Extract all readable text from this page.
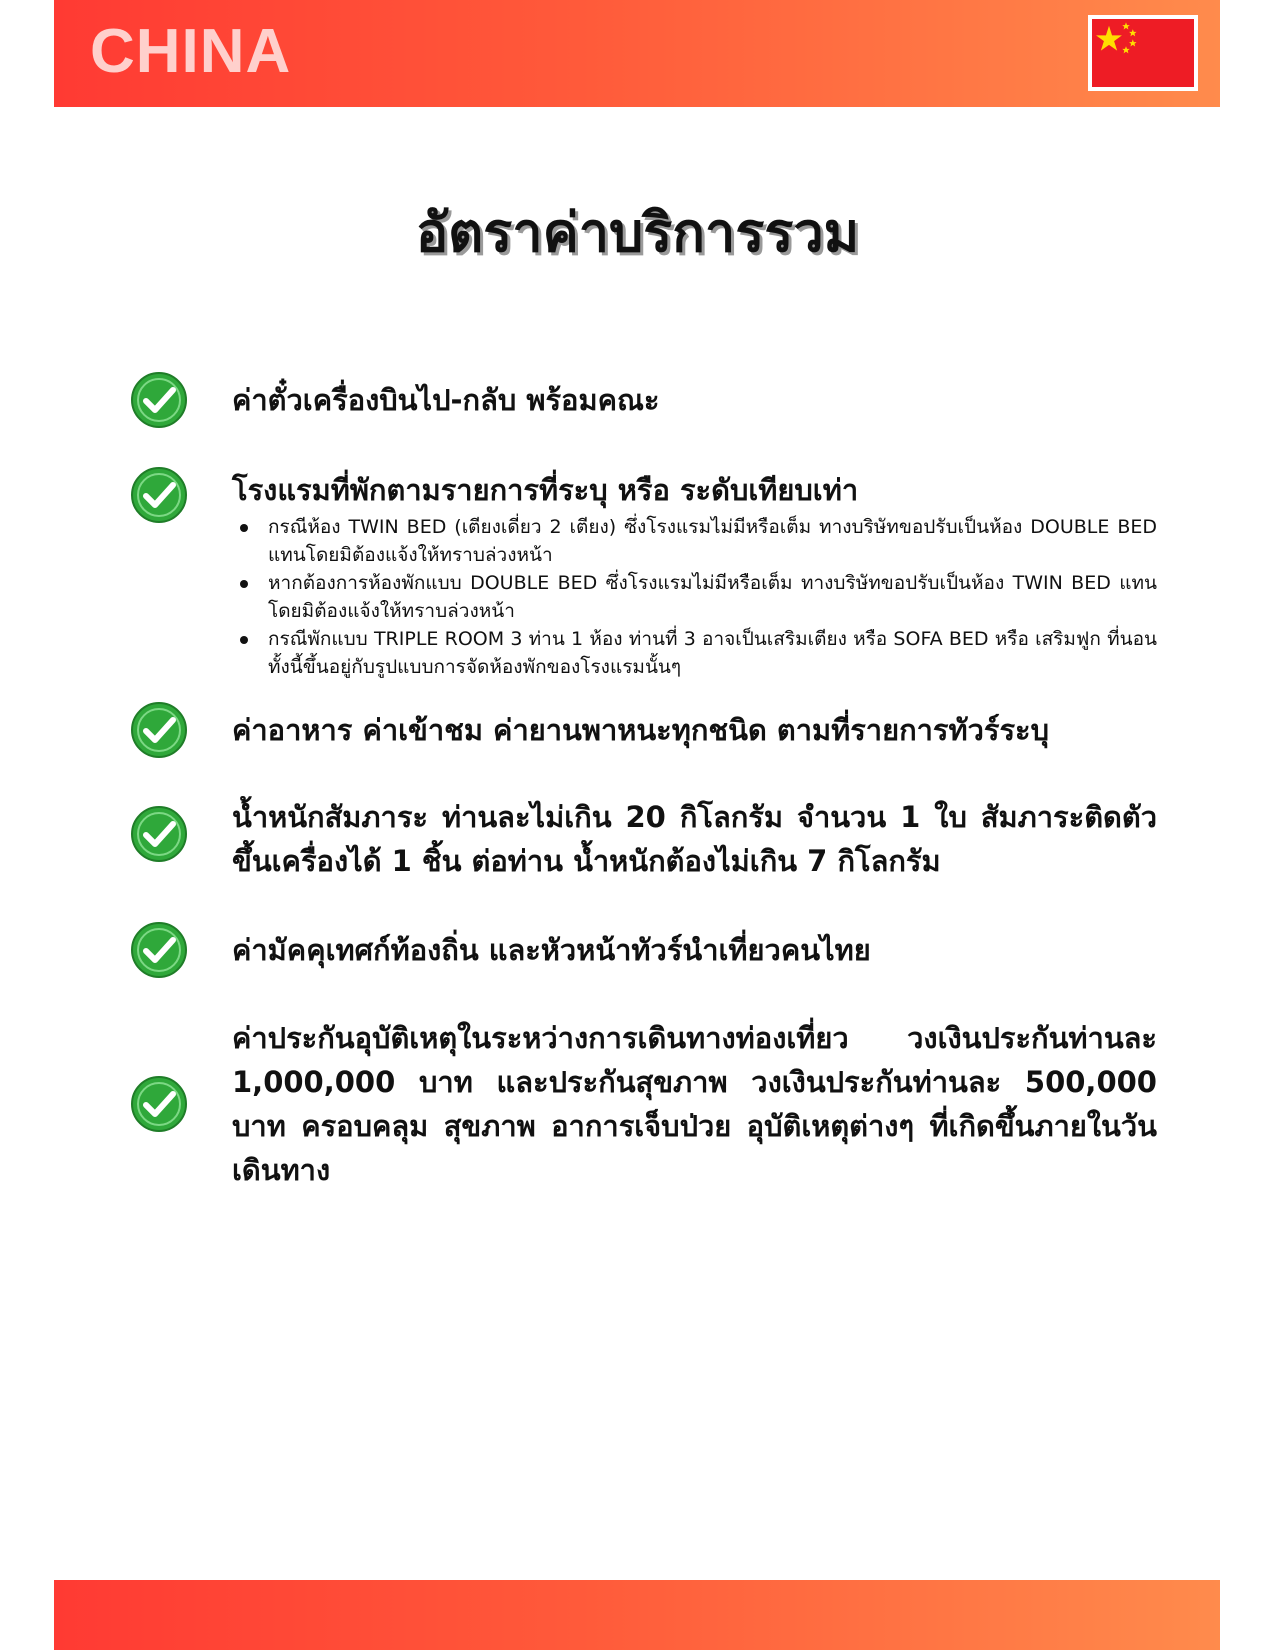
CHINA
อัตราค่าบริการรวม
ค่าตั๋วเครื่องบินไป-กลับ พร้อมคณะ
โรงแรมที่พักตามรายการที่ระบุ หรือ ระดับเทียบเท่า
กรณีห้อง TWIN BED (เตียงเดี่ยว 2 เตียง) ซึ่งโรงแรมไม่มีหรือเต็ม ทางบริษัทขอปรับเป็นห้อง DOUBLE BED แทนโดยมิต้องแจ้งให้ทราบล่วงหน้า
หากต้องการห้องพักแบบ DOUBLE BED ซึ่งโรงแรมไม่มีหรือเต็ม ทางบริษัทขอปรับเป็นห้อง TWIN BED แทนโดยมิต้องแจ้งให้ทราบล่วงหน้า
กรณีพักแบบ TRIPLE ROOM 3 ท่าน 1 ห้อง ท่านที่ 3 อาจเป็นเสริมเตียง หรือ SOFA BED หรือ เสริมฟูก ที่นอน ทั้งนี้ขึ้นอยู่กับรูปแบบการจัดห้องพักของโรงแรมนั้นๆ
ค่าอาหาร ค่าเข้าชม ค่ายานพาหนะทุกชนิด ตามที่รายการทัวร์ระบุ
น้ำหนักสัมภาระ ท่านละไม่เกิน 20 กิโลกรัม จำนวน 1 ใบ สัมภาระติดตัวขึ้นเครื่องได้ 1 ชิ้น ต่อท่าน น้ำหนักต้องไม่เกิน 7 กิโลกรัม
ค่ามัคคุเทศก์ท้องถิ่น และหัวหน้าทัวร์นำเที่ยวคนไทย
ค่าประกันอุบัติเหตุในระหว่างการเดินทางท่องเที่ยว วงเงินประกันท่านละ 1,000,000 บาท และประกันสุขภาพ วงเงินประกันท่านละ 500,000 บาท ครอบคลุม สุขภาพ อาการเจ็บป่วย อุบัติเหตุต่างๆ ที่เกิดขึ้นภายในวันเดินทาง
